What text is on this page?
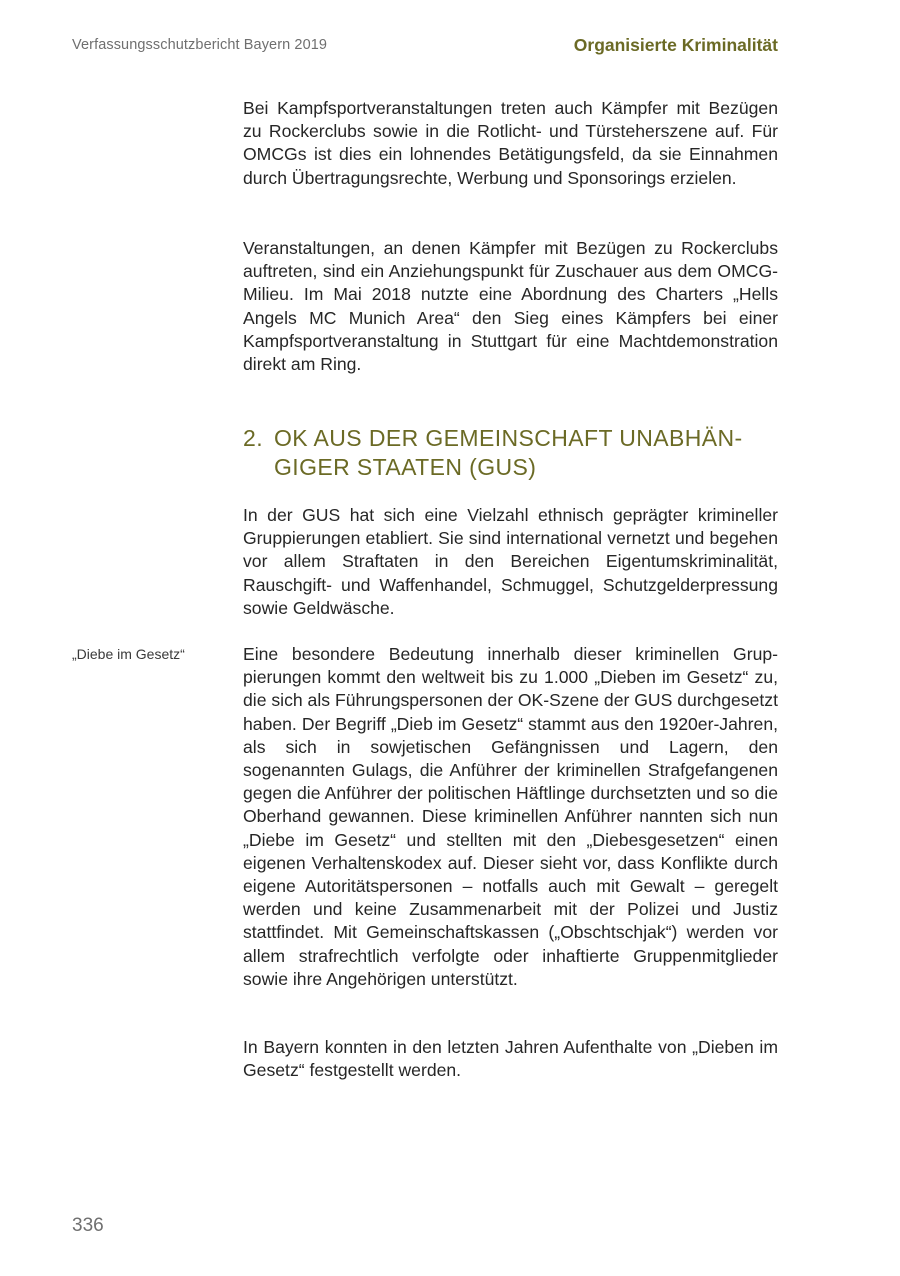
Verfassungsschutzbericht Bayern 2019	Organisierte Kriminalität

Bei Kampfsportveranstaltungen treten auch Kämpfer mit Bezügen zu Rockerclubs sowie in die Rotlicht- und Türsteherszene auf. Für OMCGs ist dies ein lohnendes Betätigungsfeld, da sie Einnahmen durch Übertragungsrechte, Werbung und Sponsorings erzielen.

Veranstaltungen, an denen Kämpfer mit Bezügen zu Rockerclubs auftreten, sind ein Anziehungspunkt für Zuschauer aus dem OMCG-Milieu. Im Mai 2018 nutzte eine Abordnung des Charters „Hells Angels MC Munich Area“ den Sieg eines Kämpfers bei einer Kampfsportveranstaltung in Stuttgart für eine Machtdemonstration direkt am Ring.

2. OK AUS DER GEMEINSCHAFT UNABHÄN-
GIGER STAATEN (GUS)

In der GUS hat sich eine Vielzahl ethnisch geprägter krimineller Gruppierungen etabliert. Sie sind international vernetzt und begehen vor allem Straftaten in den Bereichen Eigentumskriminalität, Rauschgift- und Waffenhandel, Schmuggel, Schutzgelderpressung sowie Geldwäsche.

„Diebe im Gesetz“	Eine besondere Bedeutung innerhalb dieser kriminellen Gruppierungen kommt den weltweit bis zu 1.000 „Dieben im Gesetz“ zu, die sich als Führungspersonen der OK-Szene der GUS durchgesetzt haben. Der Begriff „Dieb im Gesetz“ stammt aus den 1920er-Jahren, als sich in sowjetischen Gefängnissen und Lagern, den sogenannten Gulags, die Anführer der kriminellen Strafgefangenen gegen die Anführer der politischen Häftlinge durchsetzten und so die Oberhand gewannen. Diese kriminellen Anführer nannten sich nun „Diebe im Gesetz“ und stellten mit den „Diebesgesetzen“ einen eigenen Verhaltenskodex auf. Dieser sieht vor, dass Konflikte durch eigene Autoritätspersonen – notfalls auch mit Gewalt – geregelt werden und keine Zusammenarbeit mit der Polizei und Justiz stattfindet. Mit Gemeinschaftskassen („Obschtschjak“) werden vor allem strafrechtlich verfolgte oder inhaftierte Gruppenmitglieder sowie ihre Angehörigen unterstützt.

In Bayern konnten in den letzten Jahren Aufenthalte von „Dieben im Gesetz“ festgestellt werden.

336
